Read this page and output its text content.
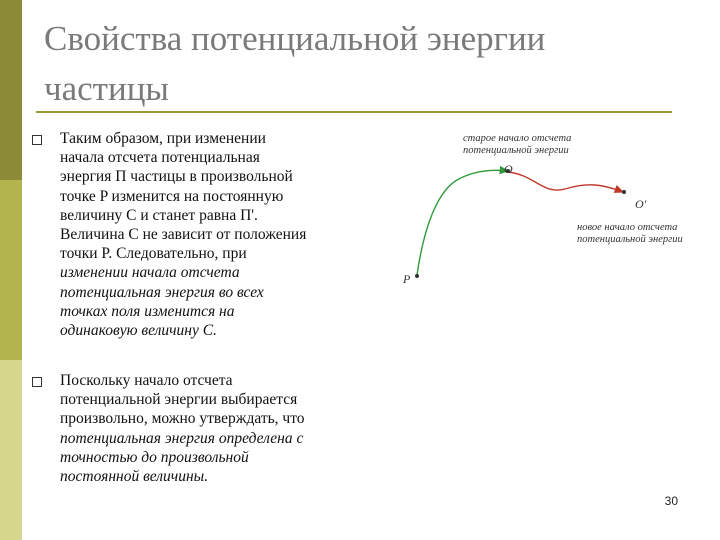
Свойства потенциальной энергии
частицы
Таким образом, при изменении
начала отсчета потенциальная
энергия П частицы в произвольной
точке P изменится на постоянную
величину C и станет равна П'.
Величина C не зависит от положения
точки P. Следовательно, при
изменении начала отсчета
потенциальная энергия во всех
точках поля изменится на
одинаковую величину C.
Поскольку начало отсчета
потенциальной энергии выбирается
произвольно, можно утверждать, что
потенциальная энергия определена с
точностью до произвольной
постоянной величины.
старое начало отсчета
потенциальной энергии
O
O'
новое начало отсчета
потенциальной энергии
P
30
